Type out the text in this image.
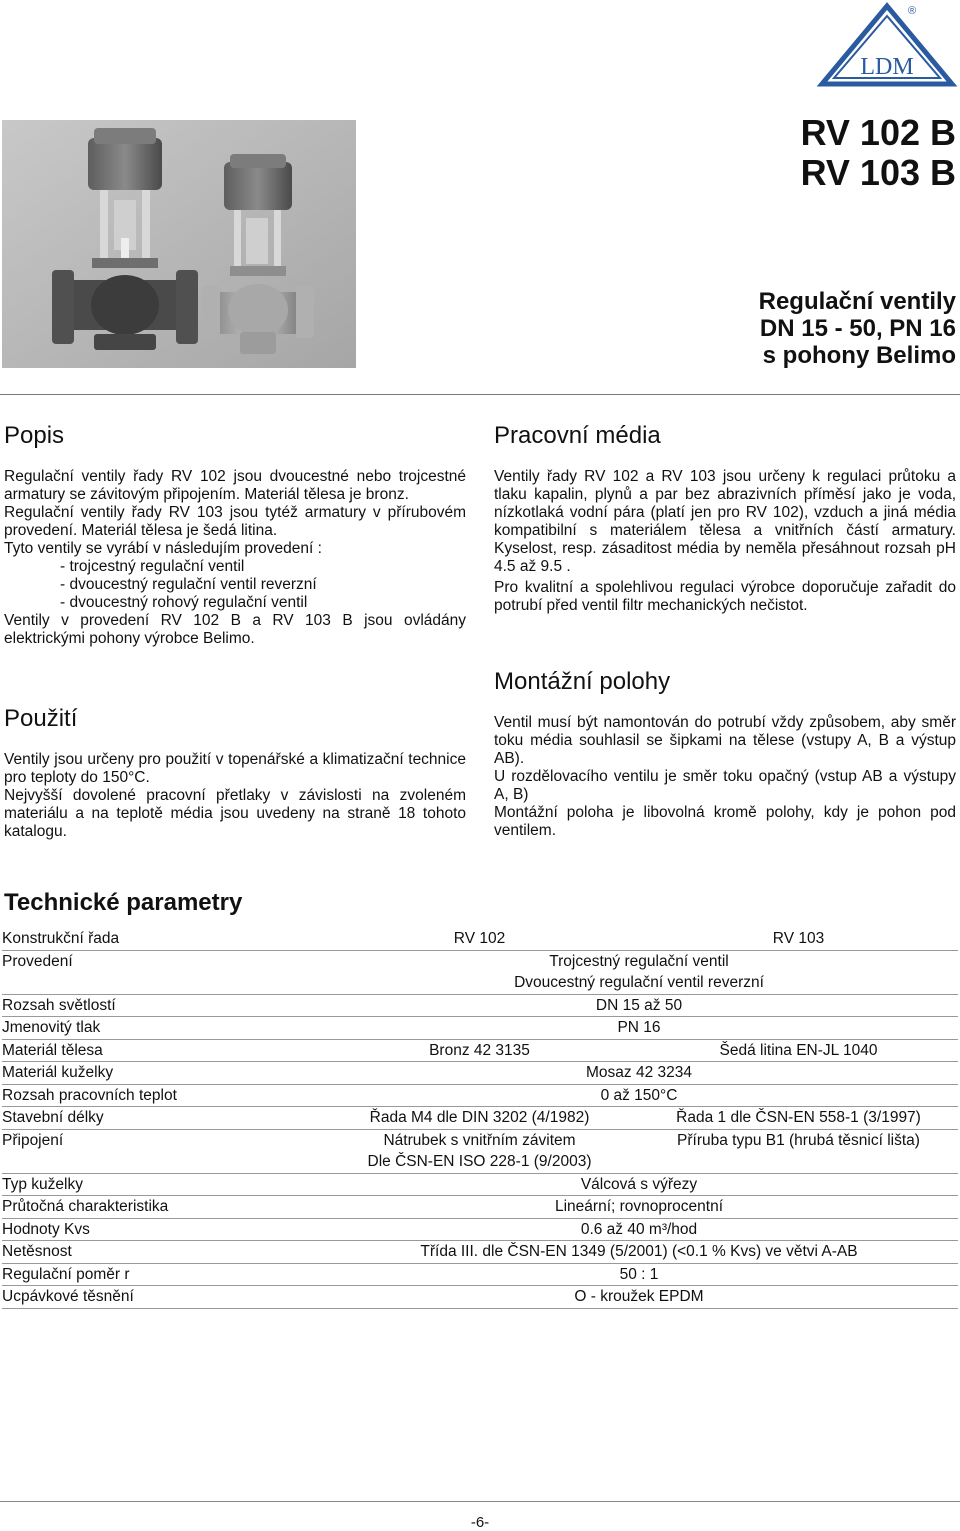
LDM
®
RV 102 B
RV 103 B
Regulační ventily
DN 15 - 50, PN 16
s pohony Belimo
Popis

Regulační ventily řady RV 102 jsou dvoucestné nebo trojcestné armatury se závitovým připojením. Materiál tělesa je bronz.

Regulační ventily řady RV 103 jsou tytéž armatury v přírubovém provedení. Materiál tělesa je šedá litina.

Tyto ventily se vyrábí v následujím provedení :

- trojcestný regulační ventil

- dvoucestný regulační ventil reverzní

- dvoucestný rohový regulační ventil

Ventily v provedení RV 102 B a RV 103 B jsou ovládány elektrickými pohony výrobce Belimo.

Použití

Ventily jsou určeny pro použití v topenářské a klimatizační technice pro teploty do 150°C.

Nejvyšší dovolené pracovní přetlaky v závislosti na zvoleném materiálu a na teplotě média jsou uvedeny na straně 18 tohoto katalogu.

Pracovní média

Ventily řady RV 102 a RV 103 jsou určeny k regulaci průtoku a tlaku kapalin, plynů a par bez abrazivních příměsí jako je voda, nízkotlaká vodní pára (platí jen pro RV 102), vzduch a jiná média kompatibilní s materiálem tělesa a vnitřních částí armatury. Kyselost, resp. zásaditost média by neměla přesáhnout rozsah pH 4.5 až 9.5 .

Pro kvalitní a spolehlivou regulaci výrobce doporučuje zařadit do potrubí před ventil filtr mechanických nečistot.

Montážní polohy

Ventil musí být namontován do potrubí vždy způsobem, aby směr toku média souhlasil se šipkami na tělese (vstupy A, B a výstup AB).

U rozdělovacího ventilu je směr toku opačný (vstup AB a výstupy A, B)

Montážní poloha je libovolná kromě polohy, kdy je pohon pod ventilem.

Technické parametry
Konstrukční řada	RV 102	RV 103
Provedení	Trojcestný regulační ventil	
	Dvoucestný regulační ventil reverzní	
Rozsah světlostí	DN 15 až 50	
Jmenovitý tlak	PN 16	
Materiál tělesa	Bronz 42 3135	Šedá litina EN-JL 1040
Materiál kuželky	Mosaz 42 3234	
Rozsah pracovních teplot	0 až 150°C	
Stavební délky	Řada M4 dle DIN 3202 (4/1982)	Řada 1 dle ČSN-EN 558-1 (3/1997)
Připojení	Nátrubek s vnitřním závitem	Příruba typu B1 (hrubá těsnicí lišta)
	Dle ČSN-EN ISO 228-1 (9/2003)	
Typ kuželky	Válcová s výřezy	
Průtočná charakteristika	Lineární; rovnoprocentní	
Hodnoty Kvs	0.6 až 40 m³/hod	
Netěsnost	Třída III. dle ČSN-EN 1349 (5/2001) (<0.1 % Kvs) ve větvi A-AB	
Regulační poměr r	50 : 1	
Ucpávkové těsnění	O - kroužek EPDM	
-6-
